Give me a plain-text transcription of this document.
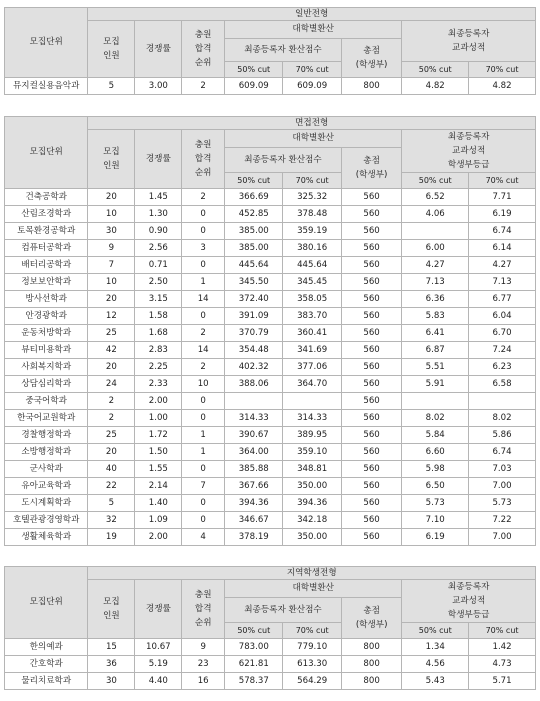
모집단위	일반전형							
	모집
인원	경쟁률	충원
합격
순위	대학별환산			최종등록자
교과성적	
				최종등록자 환산점수		총점
(학생부)		
				50% cut	70% cut		50% cut	70% cut
뮤지컬실용음악과	5	3.00	2	609.09	609.09	800	4.82	4.82
모집단위	면접전형							
	모집
인원	경쟁률	충원
합격
순위	대학별환산			최종등록자
교과성적
학생부등급	
				최종등록자 환산점수		총점
(학생부)		
				50% cut	70% cut		50% cut	70% cut
건축공학과	20	1.45	2	366.69	325.32	560	6.52	7.71
산림조경학과	10	1.30	0	452.85	378.48	560	4.06	6.19
토목환경공학과	30	0.90	0	385.00	359.19	560		6.74
컴퓨터공학과	9	2.56	3	385.00	380.16	560	6.00	6.14
배터리공학과	7	0.71	0	445.64	445.64	560	4.27	4.27
정보보안학과	10	2.50	1	345.50	345.45	560	7.13	7.13
방사선학과	20	3.15	14	372.40	358.05	560	6.36	6.77
안경광학과	12	1.58	0	391.09	383.70	560	5.83	6.04
운동처방학과	25	1.68	2	370.79	360.41	560	6.41	6.70
뷰티미용학과	42	2.83	14	354.48	341.69	560	6.87	7.24
사회복지학과	20	2.25	2	402.32	377.06	560	5.51	6.23
상담심리학과	24	2.33	10	388.06	364.70	560	5.91	6.58
중국어학과	2	2.00	0			560		
한국어교원학과	2	1.00	0	314.33	314.33	560	8.02	8.02
경찰행정학과	25	1.72	1	390.67	389.95	560	5.84	5.86
소방행정학과	20	1.50	1	364.00	359.10	560	6.60	6.74
군사학과	40	1.55	0	385.88	348.81	560	5.98	7.03
유아교육학과	22	2.14	7	367.66	350.00	560	6.50	7.00
도시계획학과	5	1.40	0	394.36	394.36	560	5.73	5.73
호텔관광경영학과	32	1.09	0	346.67	342.18	560	7.10	7.22
생활체육학과	19	2.00	4	378.19	350.00	560	6.19	7.00
모집단위	지역학생전형							
	모집
인원	경쟁률	충원
합격
순위	대학별환산			최종등록자
교과성적
학생부등급	
				최종등록자 환산점수		총점
(학생부)		
				50% cut	70% cut		50% cut	70% cut
한의예과	15	10.67	9	783.00	779.10	800	1.34	1.42
간호학과	36	5.19	23	621.81	613.30	800	4.56	4.73
물리치료학과	30	4.40	16	578.37	564.29	800	5.43	5.71
